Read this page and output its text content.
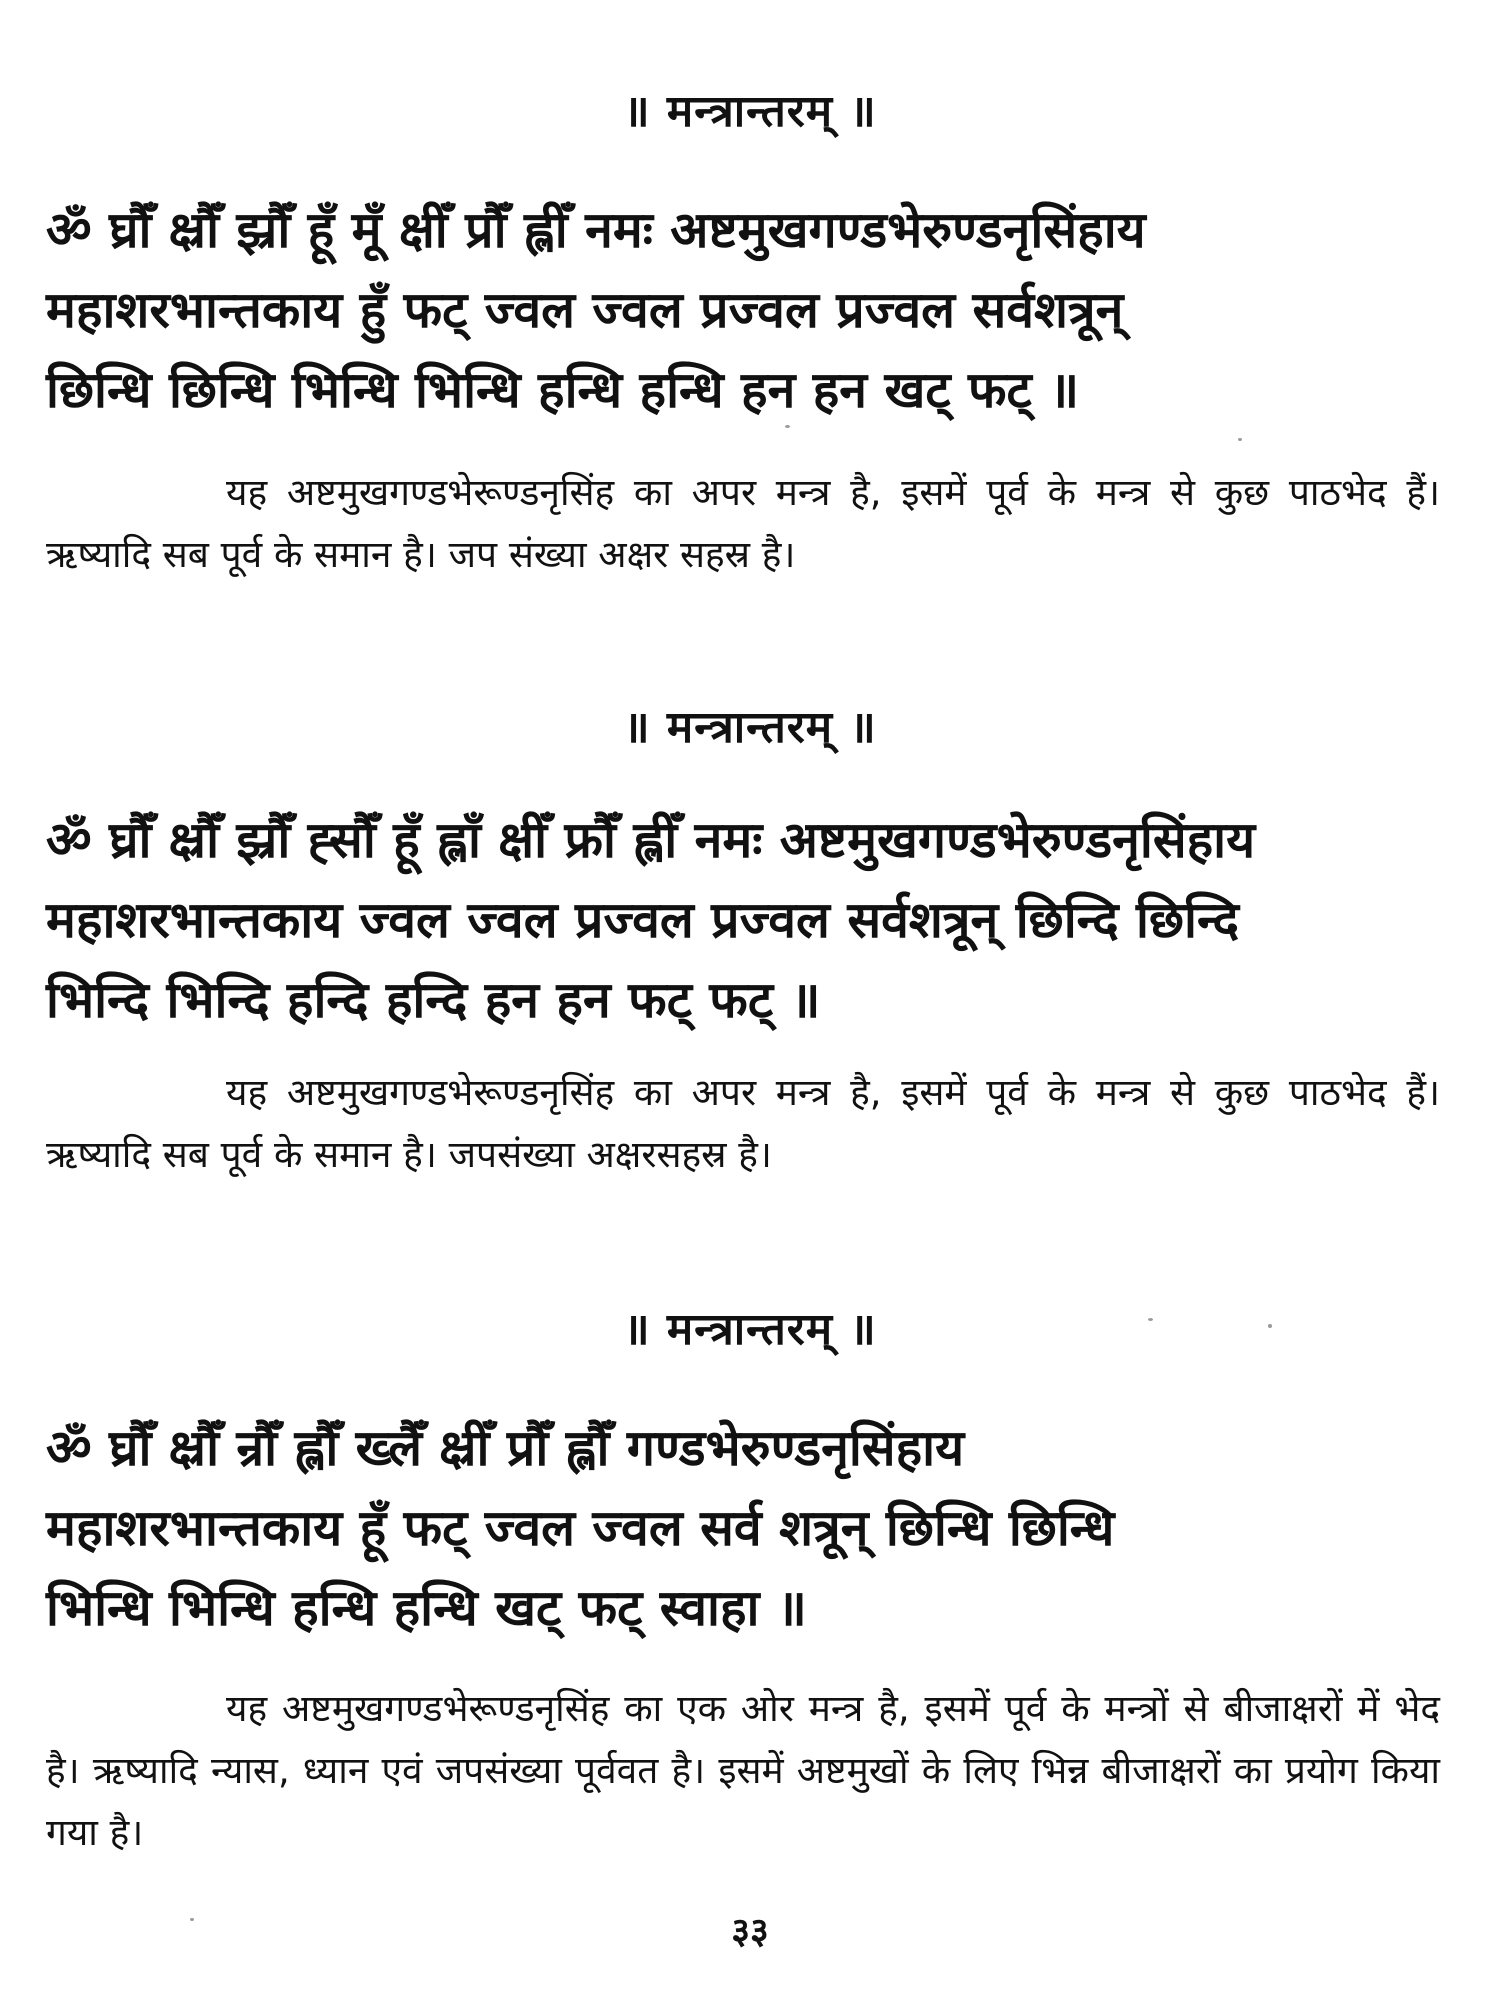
॥ मन्त्रान्तरम् ॥
ॐ घ्रौँ क्ष्रौँ झ्रौँ हूँ मूँ क्षीँ प्रौँ ह्लीँ नमः अष्टमुखगण्डभेरुण्डनृसिंहाय
महाशरभान्तकाय हुँ फट् ज्वल ज्वल प्रज्वल प्रज्वल सर्वशत्रून्
छिन्धि छिन्धि भिन्धि भिन्धि हन्धि हन्धि हन हन खट् फट् ॥

यह अष्टमुखगण्डभेरूण्डनृसिंह का अपर मन्त्र है, इसमें पूर्व के मन्त्र से कुछ पाठभेद हैं। ऋष्यादि सब पूर्व के समान है। जप संख्या अक्षर सहस्र है।

॥ मन्त्रान्तरम् ॥
ॐ घ्रौँ क्ष्रौँ झ्रौँ ह्सौँ हूँ ह्लाँ क्षीँ फ्रौँ ह्लीँ नमः अष्टमुखगण्डभेरुण्डनृसिंहाय
महाशरभान्तकाय ज्वल ज्वल प्रज्वल प्रज्वल सर्वशत्रून् छिन्दि छिन्दि
भिन्दि भिन्दि हन्दि हन्दि हन हन फट् फट् ॥

यह अष्टमुखगण्डभेरूण्डनृसिंह का अपर मन्त्र है, इसमें पूर्व के मन्त्र से कुछ पाठभेद हैं। ऋष्यादि सब पूर्व के समान है। जपसंख्या अक्षरसहस्र है।

॥ मन्त्रान्तरम् ॥
ॐ घ्रौँ क्ष्रौँ न्रौँ ह्लौँ ख्लैँ क्ष्रीँ प्रौँ ह्लौँ गण्डभेरुण्डनृसिंहाय
महाशरभान्तकाय हूँ फट् ज्वल ज्वल सर्व शत्रून् छिन्धि छिन्धि
भिन्धि भिन्धि हन्धि हन्धि खट् फट् स्वाहा ॥

यह अष्टमुखगण्डभेरूण्डनृसिंह का एक ओर मन्त्र है, इसमें पूर्व के मन्त्रों से बीजाक्षरों में भेद है। ऋष्यादि न्यास, ध्यान एवं जपसंख्या पूर्ववत है। इसमें अष्टमुखों के लिए भिन्न बीजाक्षरों का प्रयोग किया गया है।

३३
